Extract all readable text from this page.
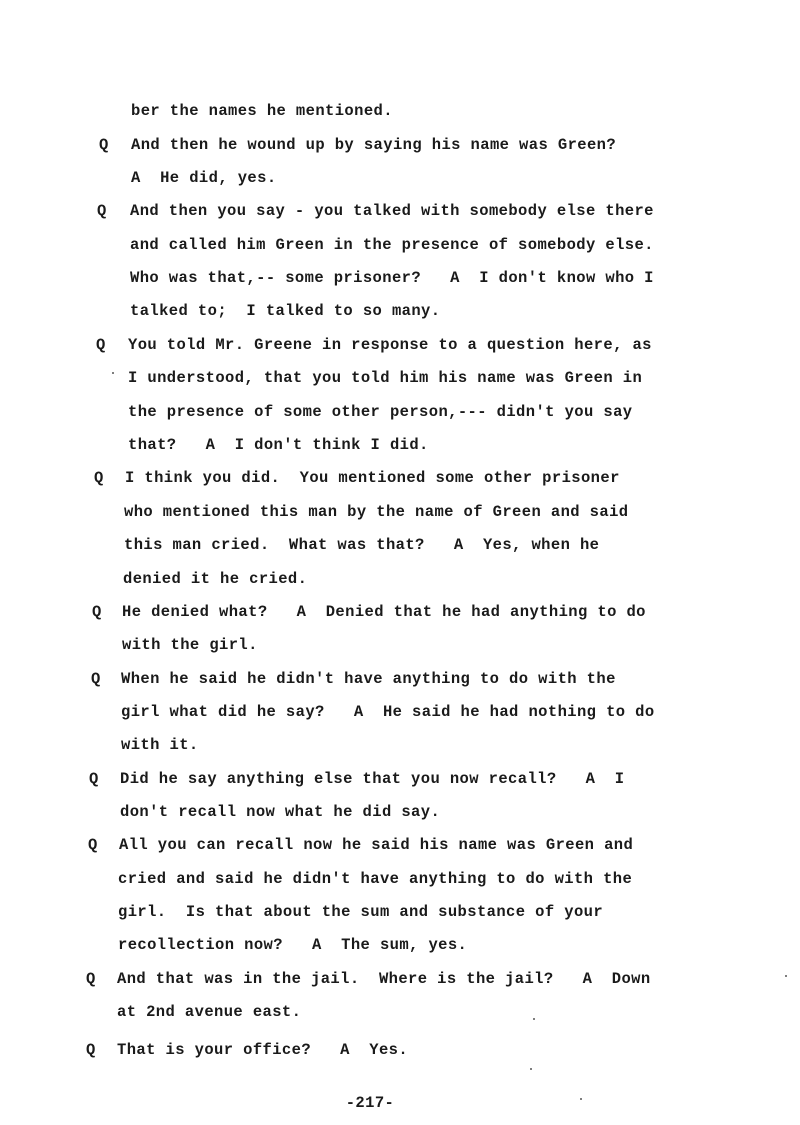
ber the names he mentioned.
Q And then he wound up by saying his name was Green?
A  He did, yes.
Q And then you say - you talked with somebody else there
and called him Green in the presence of somebody else.
Who was that,-- some prisoner?   A  I don't know who I
talked to;  I talked to so many.
Q You told Mr. Greene in response to a question here, as
I understood, that you told him his name was Green in
the presence of some other person,--- didn't you say
that?   A  I don't think I did.
Q I think you did.  You mentioned some other prisoner
who mentioned this man by the name of Green and said
this man cried.  What was that?   A  Yes, when he
denied it he cried.
Q He denied what?   A  Denied that he had anything to do
with the girl.
Q When he said he didn't have anything to do with the
girl what did he say?   A  He said he had nothing to do
with it.
Q Did he say anything else that you now recall?   A  I
don't recall now what he did say.
Q All you can recall now he said his name was Green and
cried and said he didn't have anything to do with the
girl.  Is that about the sum and substance of your
recollection now?   A  The sum, yes.
Q And that was in the jail.  Where is the jail?   A  Down
at 2nd avenue east.
Q That is your office?   A  Yes.
-217-
